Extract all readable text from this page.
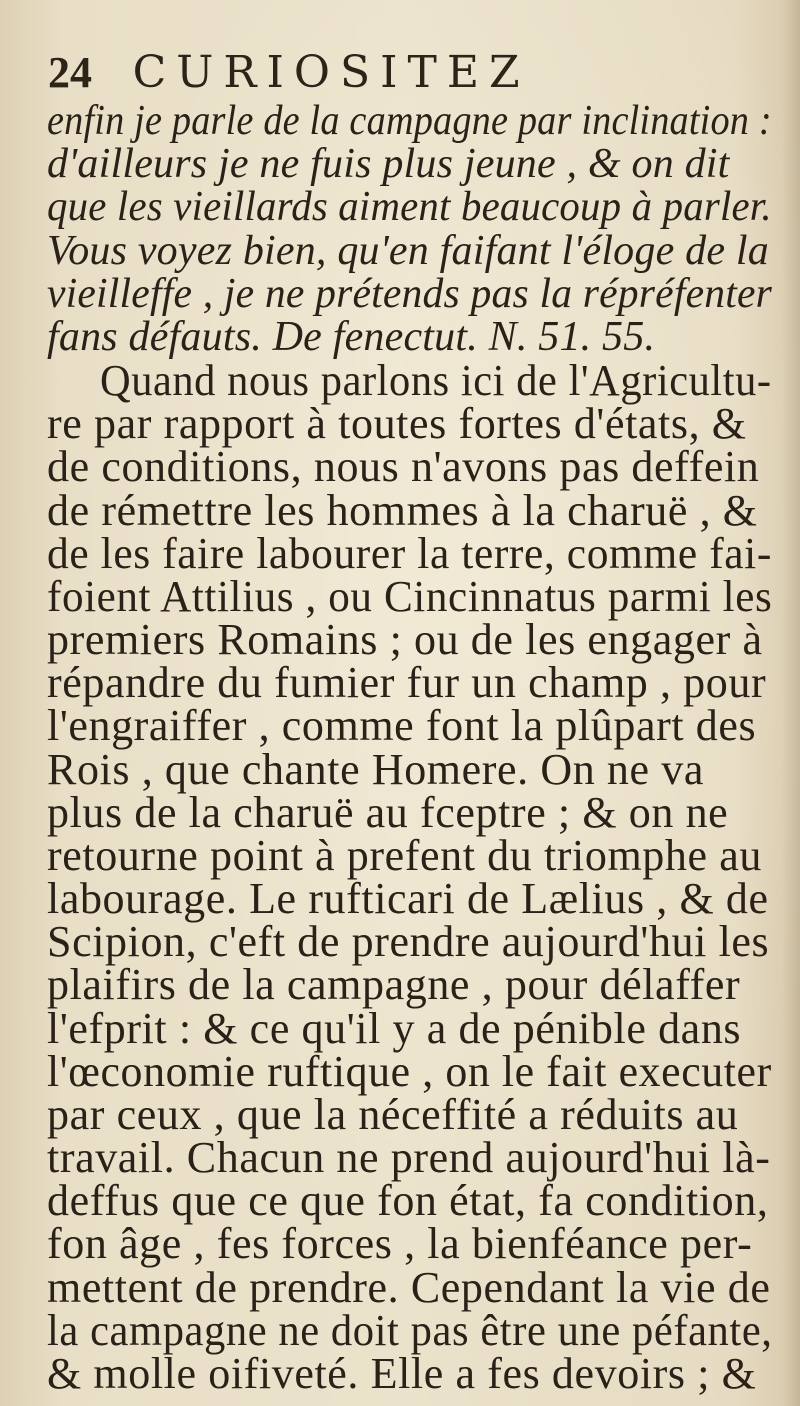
24 CURIOSITEZ
enfin je parle de la campagne par inclination :
d'ailleurs je ne fuis plus jeune , & on dit
que les vieillards aiment beaucoup à parler.
Vous voyez bien, qu'en faifant l'éloge de la
vieilleffe , je ne prétends pas la répréfenter
fans défauts. De fenectut. N. 51. 55.
Quand nous parlons ici de l'Agricultu-
re par rapport à toutes fortes d'états, &
de conditions, nous n'avons pas deffein
de rémettre les hommes à la charuë , &
de les faire labourer la terre, comme fai-
foient Attilius , ou Cincinnatus parmi les
premiers Romains ; ou de les engager à
répandre du fumier fur un champ , pour
l'engraiffer , comme font la plûpart des
Rois , que chante Homere. On ne va
plus de la charuë au fceptre ; & on ne
retourne point à prefent du triomphe au
labourage. Le rufticari de Lælius , & de
Scipion, c'eft de prendre aujourd'hui les
plaifirs de la campagne , pour délaffer
l'efprit : & ce qu'il y a de pénible dans
l'œconomie ruftique , on le fait executer
par ceux , que la néceffité a réduits au
travail. Chacun ne prend aujourd'hui là-
deffus que ce que fon état, fa condition,
fon âge , fes forces , la bienféance per-
mettent de prendre. Cependant la vie de
la campagne ne doit pas être une péfante,
& molle oifiveté. Elle a fes devoirs ; &
